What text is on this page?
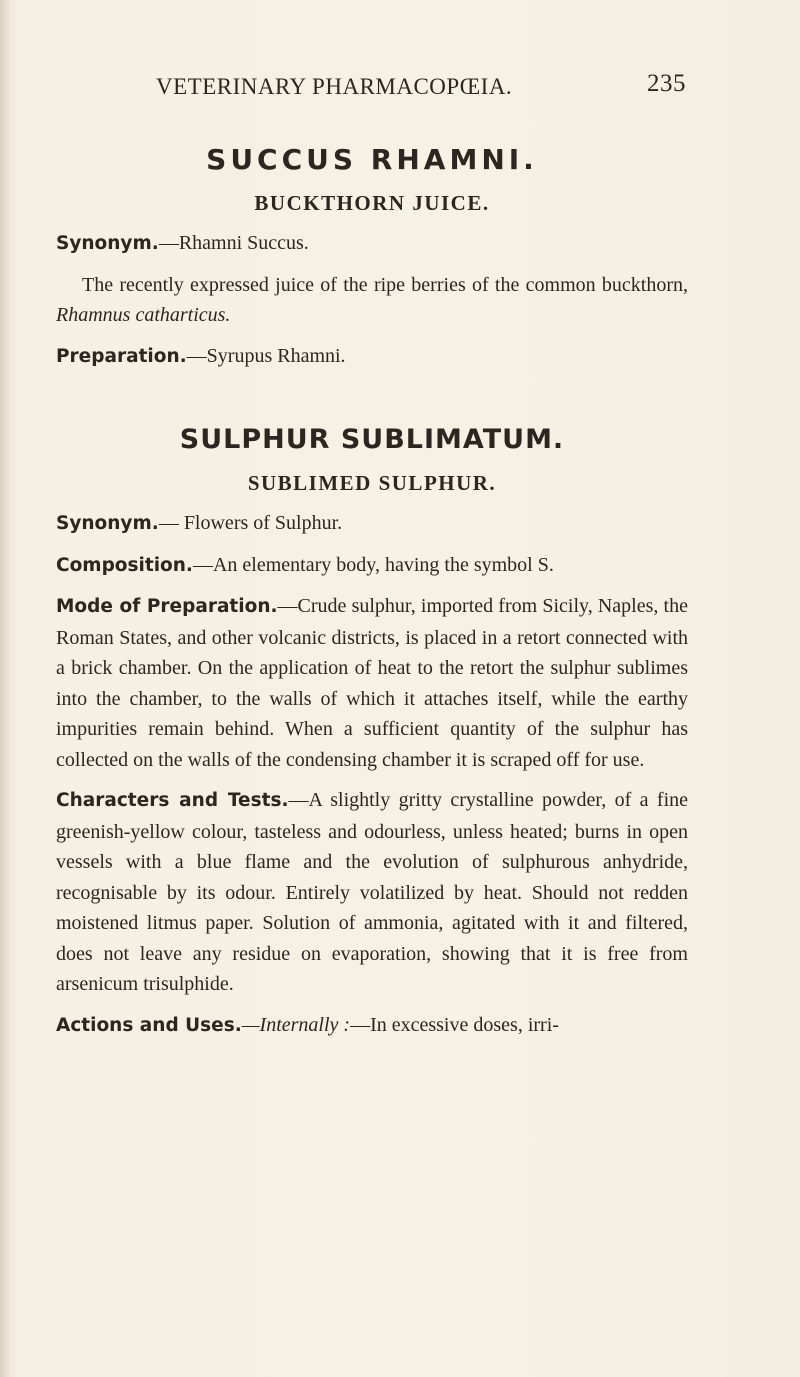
VETERINARY PHARMACOPŒIA.	235
SUCCUS RHAMNI.
BUCKTHORN JUICE.

Synonym.—Rhamni Succus.

The recently expressed juice of the ripe berries of the common buckthorn, Rhamnus catharticus.

Preparation.—Syrupus Rhamni.

SULPHUR SUBLIMATUM.
SUBLIMED SULPHUR.

Synonym.— Flowers of Sulphur.

Composition.—An elementary body, having the symbol S.

Mode of Preparation.—Crude sulphur, imported from Sicily, Naples, the Roman States, and other volcanic districts, is placed in a retort connected with a brick chamber. On the application of heat to the retort the sulphur sublimes into the chamber, to the walls of which it attaches itself, while the earthy impurities remain behind. When a sufficient quantity of the sulphur has collected on the walls of the condensing chamber it is scraped off for use.

Characters and Tests.—A slightly gritty crystalline powder, of a fine greenish-yellow colour, tasteless and odourless, unless heated; burns in open vessels with a blue flame and the evolution of sulphurous anhydride, recognisable by its odour. Entirely volatilized by heat. Should not redden moistened litmus paper. Solution of ammonia, agitated with it and filtered, does not leave any residue on evaporation, showing that it is free from arsenicum trisulphide.

Actions and Uses.—Internally :—In excessive doses, irri-
